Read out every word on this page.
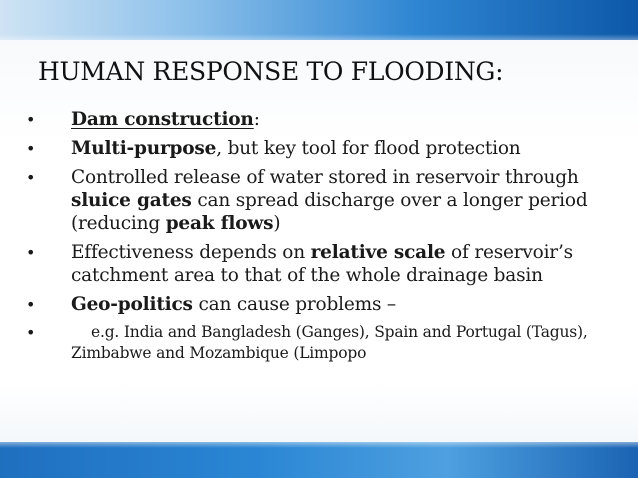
HUMAN RESPONSE TO FLOODING:
• Dam construction:
• Multi-purpose, but key tool for flood protection
• Controlled release of water stored in reservoir through sluice gates can spread discharge over a longer period (reducing peak flows)
• Effectiveness depends on relative scale of reservoir’s catchment area to that of the whole drainage basin
• Geo-politics can cause problems –
•	e.g. India and Bangladesh (Ganges), Spain and Portugal (Tagus), Zimbabwe and Mozambique (Limpopo
